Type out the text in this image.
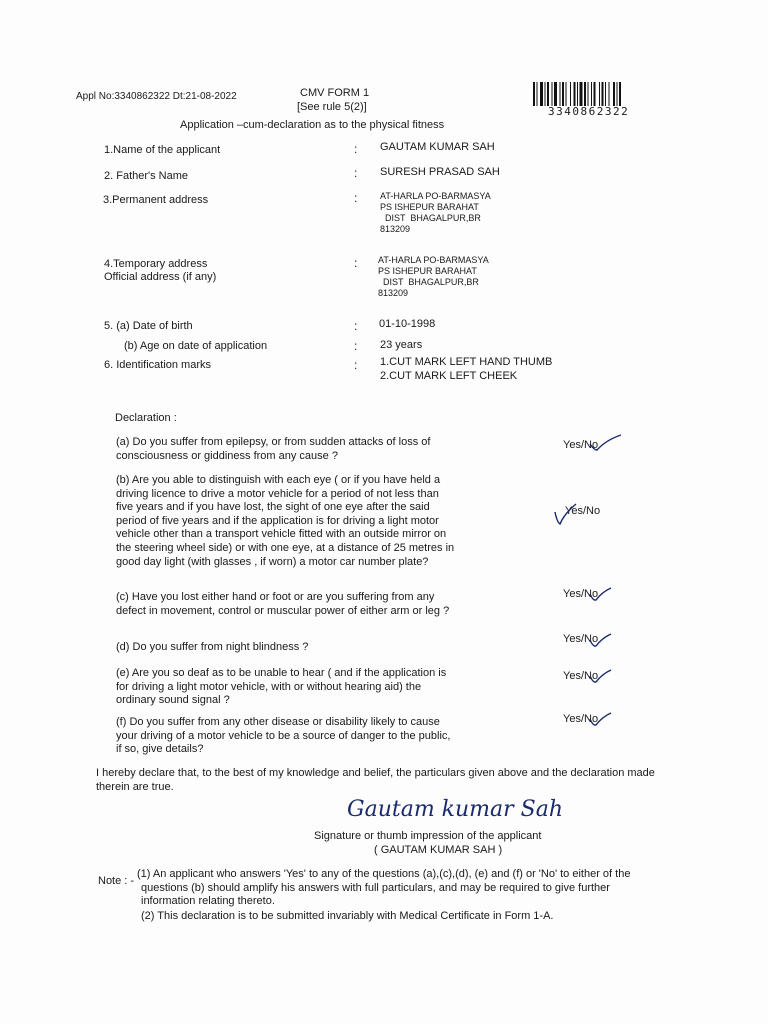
Appl No:3340862322 Dt:21-08-2022	CMV FORM 1
[See rule 5(2)]	3340862322
Application –cum-declaration as to the physical fitness
1.Name of the applicant	: GAUTAM KUMAR SAH
2. Father's Name	: SURESH PRASAD SAH
3.Permanent address	:	AT-HARLA PO-BARMASYA
PS ISHEPUR BARAHAT
DIST  BHAGALPUR,BR
813209
4.Temporary address
Official address (if any)
: AT-HARLA PO-BARMASYA
PS ISHEPUR BARAHAT
DIST  BHAGALPUR,BR
813209
5. (a) Date of birth	: 01-10-1998
(b) Age on date of application	: 23 years
6. Identification marks	: 1.CUT MARK LEFT HAND THUMB
2.CUT MARK LEFT CHEEK
Declaration :
(a) Do you suffer from epilepsy, or from sudden attacks of loss of consciousness or giddiness from any cause ?
Yes/No
(b) Are you able to distinguish with each eye ( or if you have held a driving licence to drive a motor vehicle for a period of not less than five years and if you have lost, the sight of one eye after the said period of five years and if the application is for driving a light motor vehicle other than a transport vehicle fitted with an outside mirror on the steering wheel side) or with one eye, at a distance of 25 metres in good day light (with glasses , if worn) a motor car number plate?
Yes/No
(c) Have you lost either hand or foot or are you suffering from any defect in movement, control or muscular power of either arm or leg ?
Yes/No
(d) Do you suffer from night blindness ?
Yes/No
(e) Are you so deaf as to be unable to hear ( and if the application is for driving a light motor vehicle, with or without hearing aid) the ordinary sound signal ?
Yes/No
(f) Do you suffer from any other disease or disability likely to cause your driving of a motor vehicle to be a source of danger to the public, if so, give details?
Yes/No
I hereby declare that, to the best of my knowledge and belief, the particulars given above and the declaration made therein are true.
Gautam kumar Sah
Signature or thumb impression of the applicant
( GAUTAM KUMAR SAH )
Note : -
(1) An applicant who answers 'Yes' to any of the questions (a),(c),(d), (e) and (f) or 'No' to either of the questions (b) should amplify his answers with full particulars, and may be required to give further information relating thereto.
(2) This declaration is to be submitted invariably with Medical Certificate in Form 1-A.
